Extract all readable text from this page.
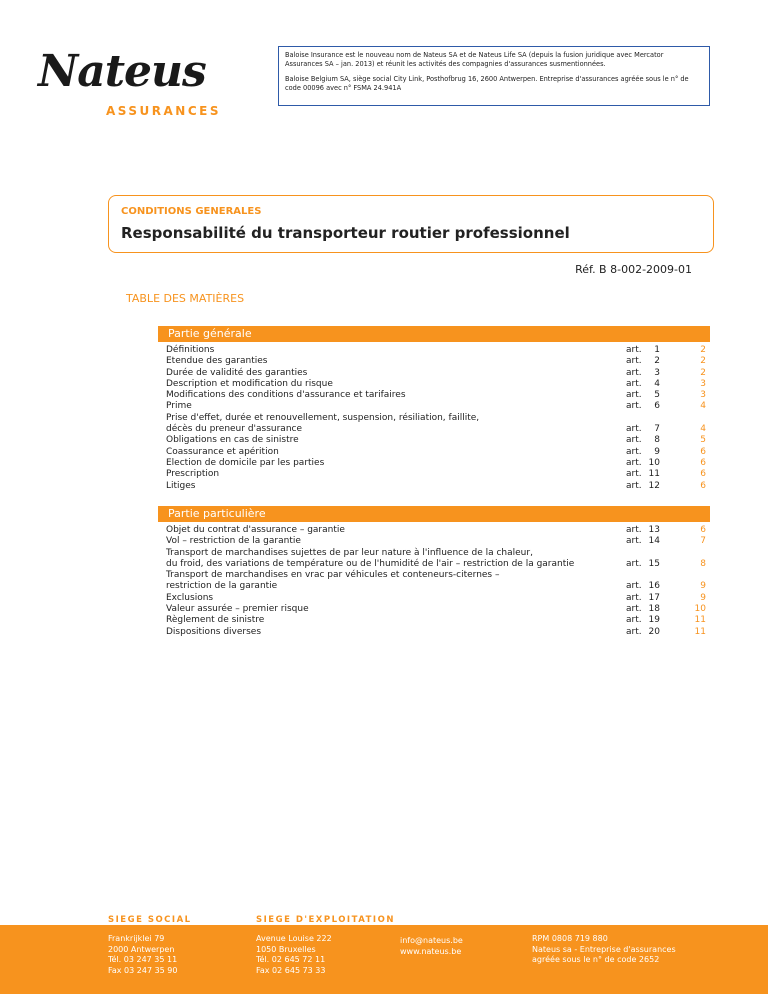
Nateus
ASSURANCES

Baloise Insurance est le nouveau nom de Nateus SA et de Nateus Life SA (depuis la fusion juridique avec Mercator Assurances SA – jan. 2013) et réunit les activités des compagnies d'assurances susmentionnées.

Baloise Belgium SA, siège social City Link, Posthofbrug 16, 2600 Antwerpen. Entreprise d'assurances agréée sous le n° de code 00096 avec n° FSMA 24.941A

CONDITIONS GENERALES
Responsabilité du transporteur routier professionnel
Réf. B 8-002-2009-01
TABLE DES MATIÈRES
Partie générale
Définitions	art.	1	2
Etendue des garanties	art.	2	2
Durée de validité des garanties	art.	3	2
Description et modification du risque	art.	4	3
Modifications des conditions d'assurance et tarifaires	art.	5	3
Prime	art.	6	4
Prise d'effet, durée et renouvellement, suspension, résiliation, faillite,
décès du preneur d'assurance	art.	7	4
Obligations en cas de sinistre	art.	8	5
Coassurance et apérition	art.	9	6
Election de domicile par les parties	art. 10	6
Prescription	art. 11	6
Litiges	art. 12	6
Partie particulière
Objet du contrat d'assurance – garantie	art. 13	6
Vol – restriction de la garantie	art. 14	7
Transport de marchandises sujettes de par leur nature à l'influence de la chaleur,
du froid, des variations de température ou de l'humidité de l'air – restriction de la garantie	art. 15	8
Transport de marchandises en vrac par véhicules et conteneurs-citernes –
restriction de la garantie	art. 16	9
Exclusions	art. 17	9
Valeur assurée – premier risque	art. 18	10
Règlement de sinistre	art. 19	11
Dispositions diverses	art. 20	11
SIEGE SOCIAL	SIEGE D'EXPLOITATION
Frankrijklei 79
2000 Antwerpen
Tél. 03 247 35 11
Fax 03 247 35 90
Avenue Louise 222
1050 Bruxelles
Tél. 02 645 72 11
Fax 02 645 73 33
info@nateus.be
www.nateus.be
RPM 0808 719 880
Nateus sa - Entreprise d'assurances
agréée sous le n° de code 2652
